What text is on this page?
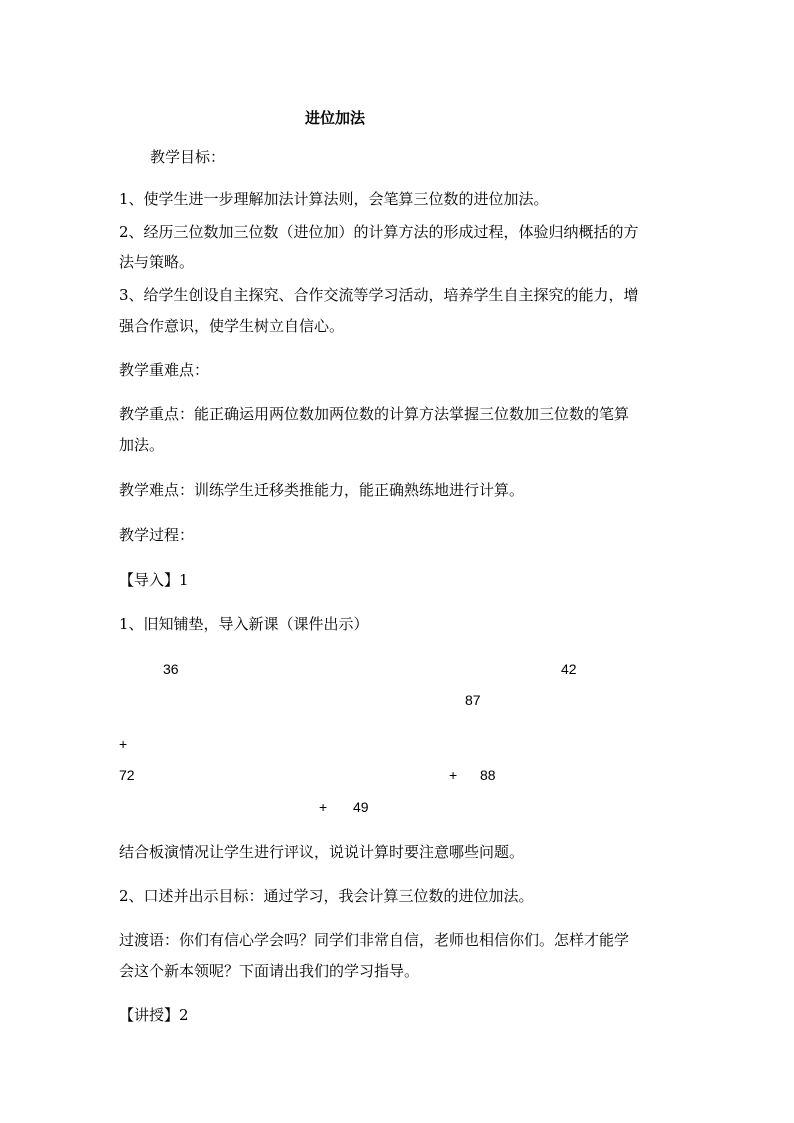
进位加法

教学目标：

1、使学生进一步理解加法计算法则，会笔算三位数的进位加法。

2、经历三位数加三位数（进位加）的计算方法的形成过程，体验归纳概括的方

法与策略。

3、给学生创设自主探究、合作交流等学习活动，培养学生自主探究的能力，增

强合作意识，使学生树立自信心。

教学重难点：

教学重点：能正确运用两位数加两位数的计算方法掌握三位数加三位数的笔算

加法。

教学难点：训练学生迁移类推能力，能正确熟练地进行计算。

教学过程：

【导入】1

1、旧知铺垫，导入新课（课件出示）

36	42
87
+
72	+ 88
+ 49

结合板演情况让学生进行评议，说说计算时要注意哪些问题。

2、口述并出示目标：通过学习，我会计算三位数的进位加法。

过渡语：你们有信心学会吗？同学们非常自信，老师也相信你们。怎样才能学

会这个新本领呢？下面请出我们的学习指导。

【讲授】2
